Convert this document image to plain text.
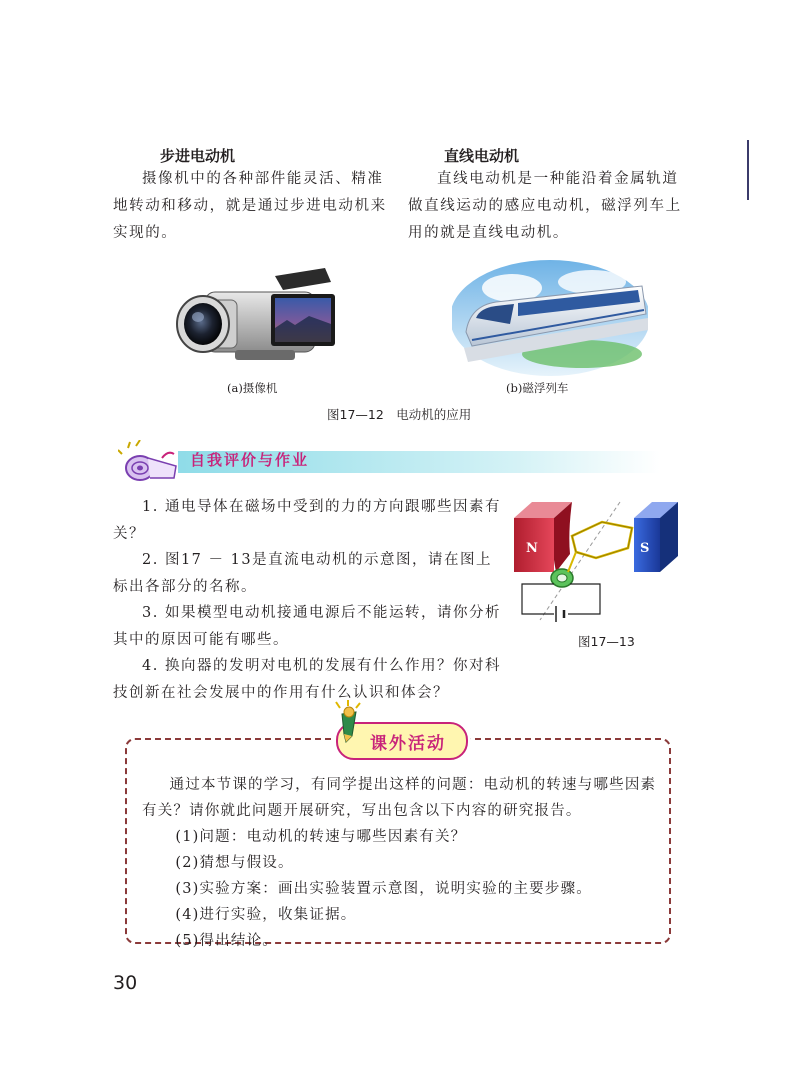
步进电动机
摄像机中的各种部件能灵活、精准地转动和移动，就是通过步进电动机来实现的。
直线电动机
直线电动机是一种能沿着金属轨道做直线运动的感应电动机，磁浮列车上用的就是直线电动机。
(a)摄像机	(b)磁浮列车
图17—12　电动机的应用
自我评价与作业

1. 通电导体在磁场中受到的力的方向跟哪些因素有关？

2. 图17 － 13是直流电动机的示意图，请在图上标出各部分的名称。

3. 如果模型电动机接通电源后不能运转，请你分析其中的原因可能有哪些。

4. 换向器的发明对电机的发展有什么作用？你对科技创新在社会发展中的作用有什么认识和体会？

N	S
图17—13
课外活动

通过本节课的学习，有同学提出这样的问题：电动机的转速与哪些因素有关？请你就此问题开展研究，写出包含以下内容的研究报告。

(1)问题：电动机的转速与哪些因素有关？

(2)猜想与假设。

(3)实验方案：画出实验装置示意图，说明实验的主要步骤。

(4)进行实验，收集证据。

(5)得出结论。

30
